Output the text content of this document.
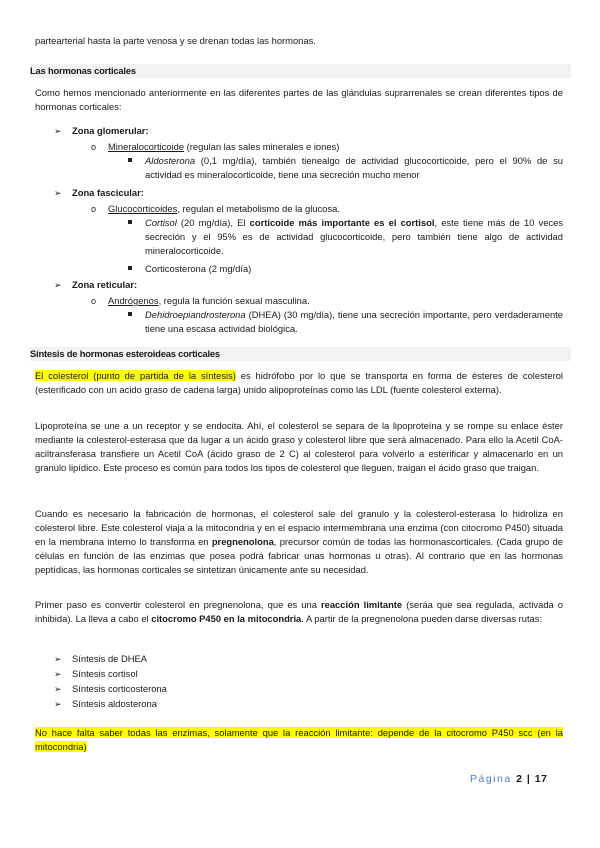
partearterial hasta la parte venosa y se drenan todas las hormonas.
Las hormonas corticales
Como hemos mencionado anteriormente en las diferentes partes de las glándulas suprarrenales se crean diferentes tipos de hormonas corticales:
➢ Zona glomerular:
o Mineralocorticoide (regulan las sales minerales e iones)
Aldosterona (0,1 mg/día), también tienealgo de actividad glucocorticoide, pero el 90% de su actividad es mineralocorticoide, tiene una secreción mucho menor
➢ Zona fascicular:
o Glucocorticoides, regulan el metabolismo de la glucosa.
Cortisol (20 mg/día), El corticoide más importante es el cortisol, este tiene más de 10 veces secreción y el 95% es de actividad glucocorticoide, pero también tiene algo de actividad mineralocorticoide.
Corticosterona (2 mg/día)
➢ Zona reticular:
o Andrógenos, regula la función sexual masculina.
Dehidroepiandrosterona (DHEA) (30 mg/día), tiene una secreción importante, pero verdaderamente tiene una escasa actividad biológica.
Síntesis de hormonas esteroideas corticales
El colesterol (punto de partida de la síntesis) es hidrófobo por lo que se transporta en forma de ésteres de colesterol (esterificado con un acido graso de cadena larga) unido alipoproteínas como las LDL (fuente colesterol externa).
Lipoproteína se une a un receptor y se endocita. Ahí, el colesterol se separa de la lipoproteína y se rompe su enlace éster mediante la colesterol-esterasa que da lugar a un ácido graso y colesterol libre que será almacenado. Para ello la Acetil CoA-aciltransferasa transfiere un Acetil CoA (ácido graso de 2 C) al colesterol para volverlo a esterificar y almacenarlo en un granulo lipídico. Este proceso es común para todos los tipos de colesterol que lleguen, traigan el ácido graso que traigan.
Cuando es necesario la fabricación de hormonas, el colesterol sale del granulo y la colesterol-esterasa lo hidroliza en colesterol libre. Este colesterol viaja a la mitocondria y en el espacio intermembrana una enzima (con citocromo P450) situada en la membrana interno lo transforma en pregnenolona, precursor común de todas las hormonascorticales. (Cada grupo de células en función de las enzimas que posea podrá fabricar unas hormonas u otras). Al contrario que en las hormonas peptídicas, las hormonas corticales se sintetizan únicamente ante su necesidad.
Primer paso es convertir colesterol en pregnenolona, que es una reacción limitante (seráa que sea regulada, activada o inhibida). La lleva a cabo el citocromo P450 en la mitocondria. A partir de la pregnenolona pueden darse diversas rutas:
➢ Síntesis de DHEA
➢ Síntesis cortisol
➢ Síntesis corticosterona
➢ Síntesis aldosterona
No hace falta saber todas las enzimas, solamente que la reacción limitante: depende de la citocromo P450 scc (en la mitocondria)
Página 2 | 17
